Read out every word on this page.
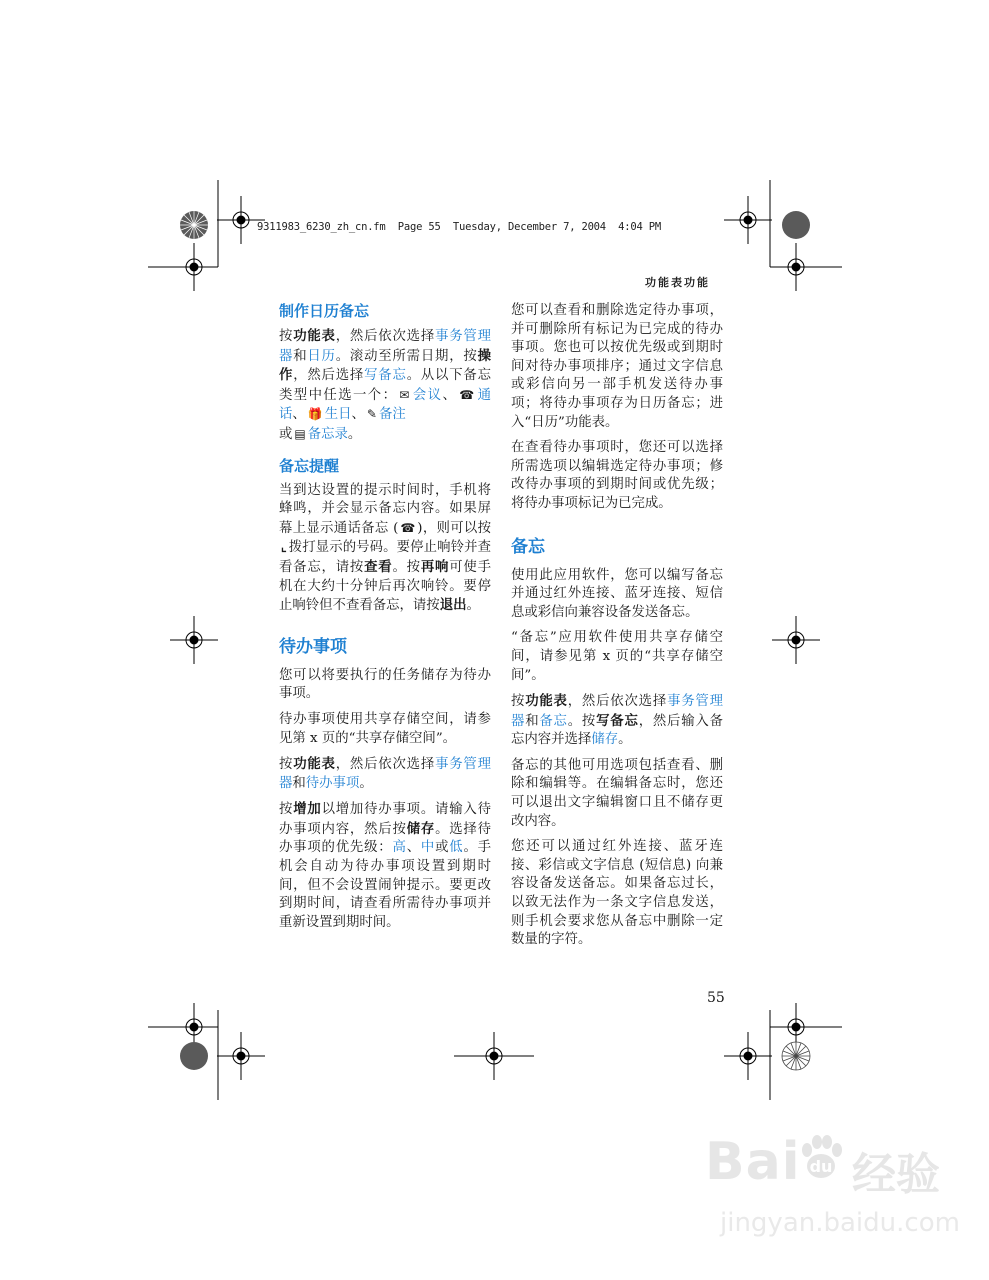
9311983_6230_zh_cn.fm  Page 55  Tuesday, December 7, 2004  4:04 PM
功能表功能
制作日历备忘

按功能表，然后依次选择事务管理器和日历。滚动至所需日期，按操作，然后选择写备忘。从以下备忘类型中任选一个： ✉ 会议、 ☎ 通话、 🎁 生日、 ✎ 备注
或 ▤ 备忘录。

备忘提醒

当到达设置的提示时间时，手机将蜂鸣，并会显示备忘内容。如果屏幕上显示通话备忘 ( ☎ )，则可以按⌞ 拨打显示的号码。要停止响铃并查看备忘，请按查看。按再响可使手机在大约十分钟后再次响铃。要停止响铃但不查看备忘，请按退出。

待办事项

您可以将要执行的任务储存为待办事项。

待办事项使用共享存储空间，请参见第 x 页的“共享存储空间”。

按功能表，然后依次选择事务管理器和待办事项。

按增加以增加待办事项。请输入待办事项内容，然后按储存。选择待办事项的优先级：高、中或低。手机会自动为待办事项设置到期时间，但不会设置闹钟提示。要更改到期时间，请查看所需待办事项并重新设置到期时间。

您可以查看和删除选定待办事项，并可删除所有标记为已完成的待办事项。您也可以按优先级或到期时间对待办事项排序；通过文字信息或彩信向另一部手机发送待办事项；将待办事项存为日历备忘；进入“日历”功能表。

在查看待办事项时，您还可以选择所需选项以编辑选定待办事项；修改待办事项的到期时间或优先级；将待办事项标记为已完成。

备忘

使用此应用软件，您可以编写备忘并通过红外连接、蓝牙连接、短信息或彩信向兼容设备发送备忘。

“备忘”应用软件使用共享存储空间，请参见第 x 页的“共享存储空间”。

按功能表，然后依次选择事务管理器和备忘。按写备忘，然后输入备忘内容并选择储存。

备忘的其他可用选项包括查看、删除和编辑等。在编辑备忘时，您还可以退出文字编辑窗口且不储存更改内容。

您还可以通过红外连接、蓝牙连接、彩信或文字信息 (短信息) 向兼容设备发送备忘。如果备忘过长，以致无法作为一条文字信息发送，则手机会要求您从备忘中删除一定数量的字符。

55
Bai du 经验
jingyan.baidu.com
